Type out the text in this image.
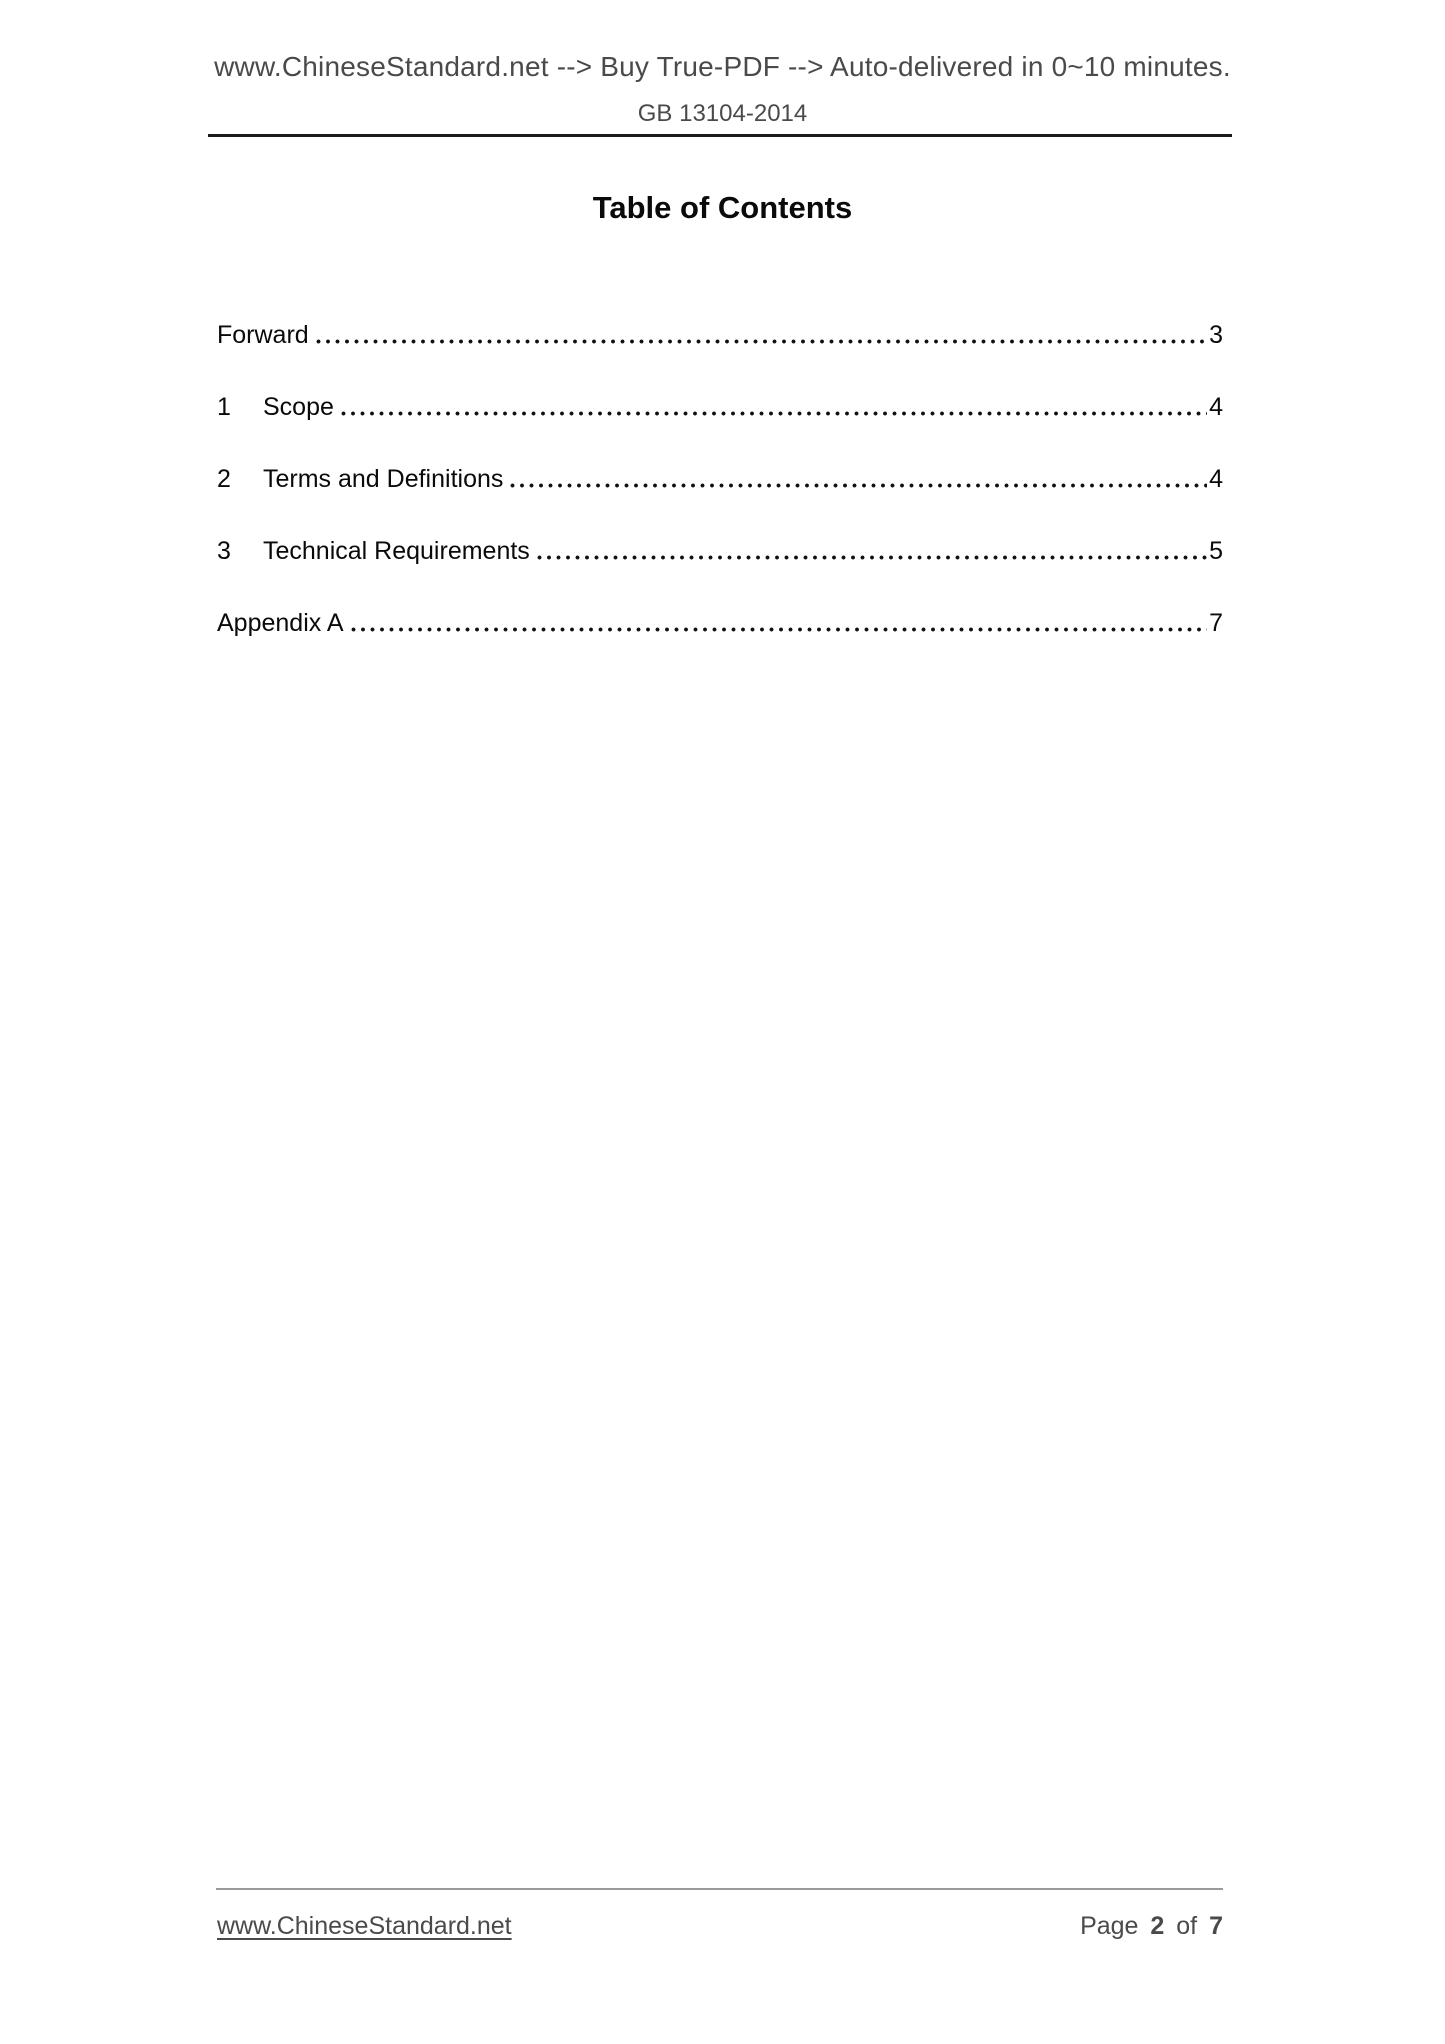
www.ChineseStandard.net --> Buy True-PDF --> Auto-delivered in 0~10 minutes.
GB 13104-2014
Table of Contents
Forward	3
1	Scope	4
2	Terms and Definitions	4
3	Technical Requirements	5
Appendix A	7
www.ChineseStandard.net	Page 2 of 7
